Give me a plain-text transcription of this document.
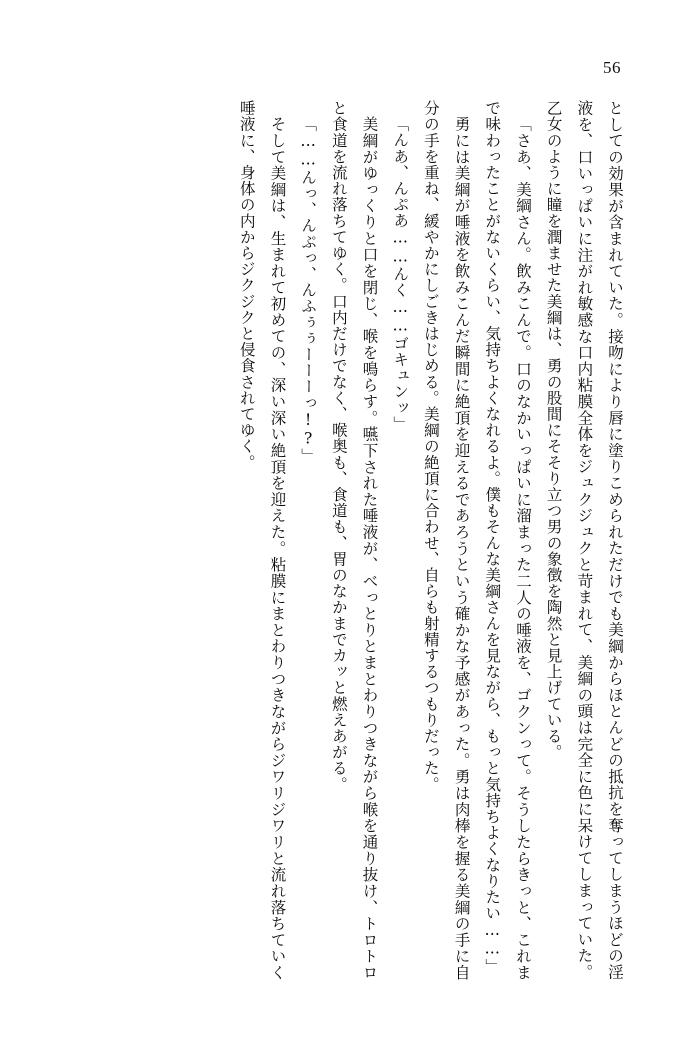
56

としての効果が含まれていた。接吻により唇に塗りこめられただけでも美綱からほとんどの抵抗を奪ってしまうほどの淫液を、口いっぱいに注がれ敏感な口内粘膜全体をジュクジュクと苛まれて、美綱の頭は完全に色に呆けてしまっていた。乙女のように瞳を潤ませた美綱は、勇の股間にそそり立つ男の象徴を陶然と見上げている。

「さあ、美綱さん。飲みこんで。口のなかいっぱいに溜まった二人の唾液を、ゴクンって。そうしたらきっと、これまで味わったことがないくらい、気持ちよくなれるよ。僕もそんな美綱さんを見ながら、もっと気持ちよくなりたい……」

勇には美綱が唾液を飲みこんだ瞬間に絶頂を迎えるであろうという確かな予感があった。勇は肉棒を握る美綱の手に自分の手を重ね、緩やかにしごきはじめる。美綱の絶頂に合わせ、自らも射精するつもりだった。

「んあ、んぷあ……んく……ゴキュンッ」

美綱がゆっくりと口を閉じ、喉を鳴らす。嚥下された唾液が、べっとりとまとわりつきながら喉を通り抜け、トロトロと食道を流れ落ちてゆく。口内だけでなく、喉奥も、食道も、胃のなかまでカッと燃えあがる。

「……んっ、んぷっ、んふぅぅーーーっ!?」

そして美綱は、生まれて初めての、深い深い絶頂を迎えた。粘膜にまとわりつきながらジワリジワリと流れ落ちていく唾液に、身体の内からジクジクと侵食されてゆく。
